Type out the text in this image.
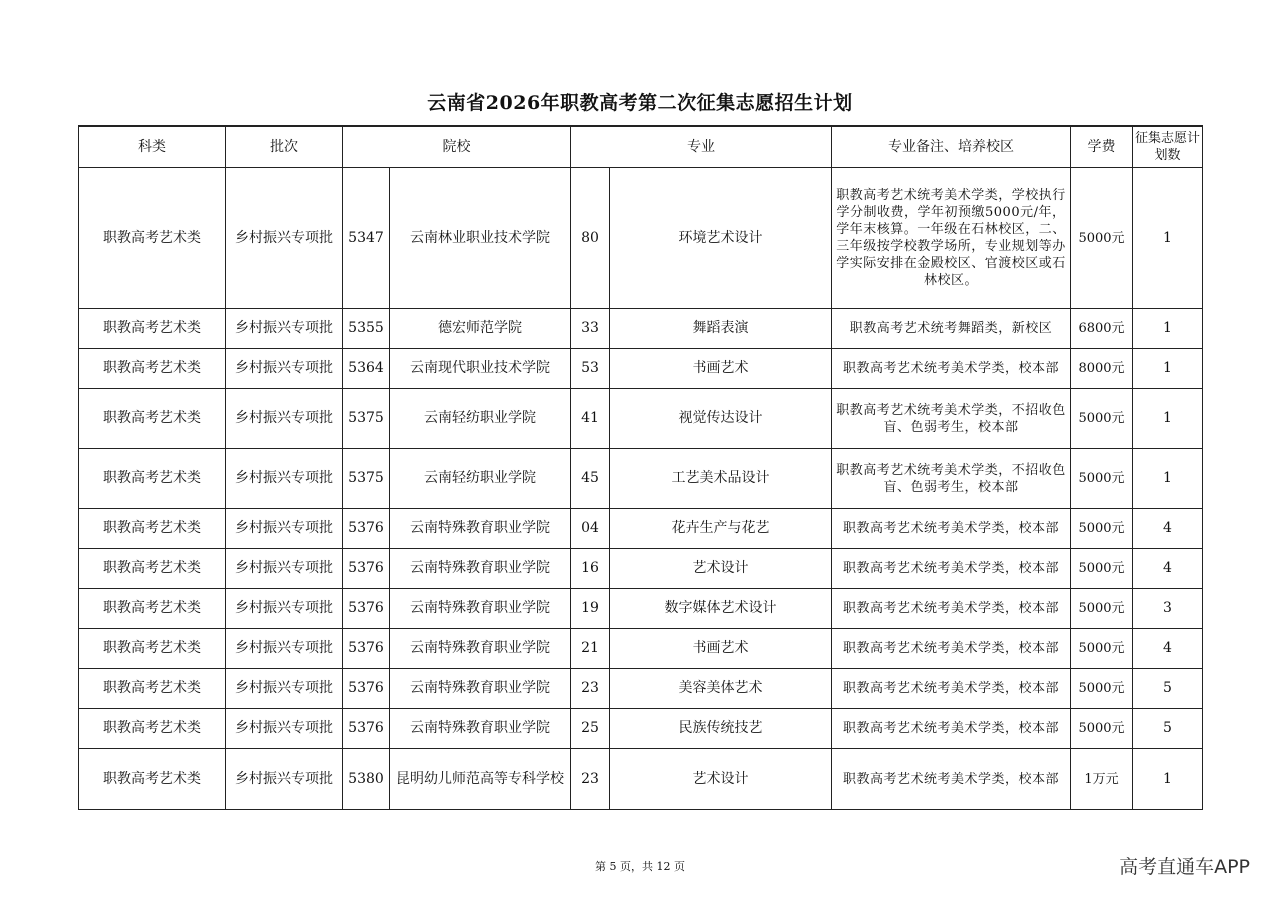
云南省2026年职教高考第二次征集志愿招生计划
科类	批次	院校		专业		专业备注、培养校区	学费	征集志愿计划数
职教高考艺术类	乡村振兴专项批	5347	云南林业职业技术学院	80	环境艺术设计	职教高考艺术统考美术学类，学校执行学分制收费，学年初预缴5000元/年，学年末核算。一年级在石林校区，二、三年级按学校教学场所，专业规划等办学实际安排在金殿校区、官渡校区或石林校区。	5000元	1
职教高考艺术类	乡村振兴专项批	5355	德宏师范学院	33	舞蹈表演	职教高考艺术统考舞蹈类，新校区	6800元	1
职教高考艺术类	乡村振兴专项批	5364	云南现代职业技术学院	53	书画艺术	职教高考艺术统考美术学类，校本部	8000元	1
职教高考艺术类	乡村振兴专项批	5375	云南轻纺职业学院	41	视觉传达设计	职教高考艺术统考美术学类，不招收色盲、色弱考生，校本部	5000元	1
职教高考艺术类	乡村振兴专项批	5375	云南轻纺职业学院	45	工艺美术品设计	职教高考艺术统考美术学类，不招收色盲、色弱考生，校本部	5000元	1
职教高考艺术类	乡村振兴专项批	5376	云南特殊教育职业学院	04	花卉生产与花艺	职教高考艺术统考美术学类，校本部	5000元	4
职教高考艺术类	乡村振兴专项批	5376	云南特殊教育职业学院	16	艺术设计	职教高考艺术统考美术学类，校本部	5000元	4
职教高考艺术类	乡村振兴专项批	5376	云南特殊教育职业学院	19	数字媒体艺术设计	职教高考艺术统考美术学类，校本部	5000元	3
职教高考艺术类	乡村振兴专项批	5376	云南特殊教育职业学院	21	书画艺术	职教高考艺术统考美术学类，校本部	5000元	4
职教高考艺术类	乡村振兴专项批	5376	云南特殊教育职业学院	23	美容美体艺术	职教高考艺术统考美术学类，校本部	5000元	5
职教高考艺术类	乡村振兴专项批	5376	云南特殊教育职业学院	25	民族传统技艺	职教高考艺术统考美术学类，校本部	5000元	5
职教高考艺术类	乡村振兴专项批	5380	昆明幼儿师范高等专科学校	23	艺术设计	职教高考艺术统考美术学类，校本部	1万元	1
第 5 页，共 12 页	高考直通车APP
